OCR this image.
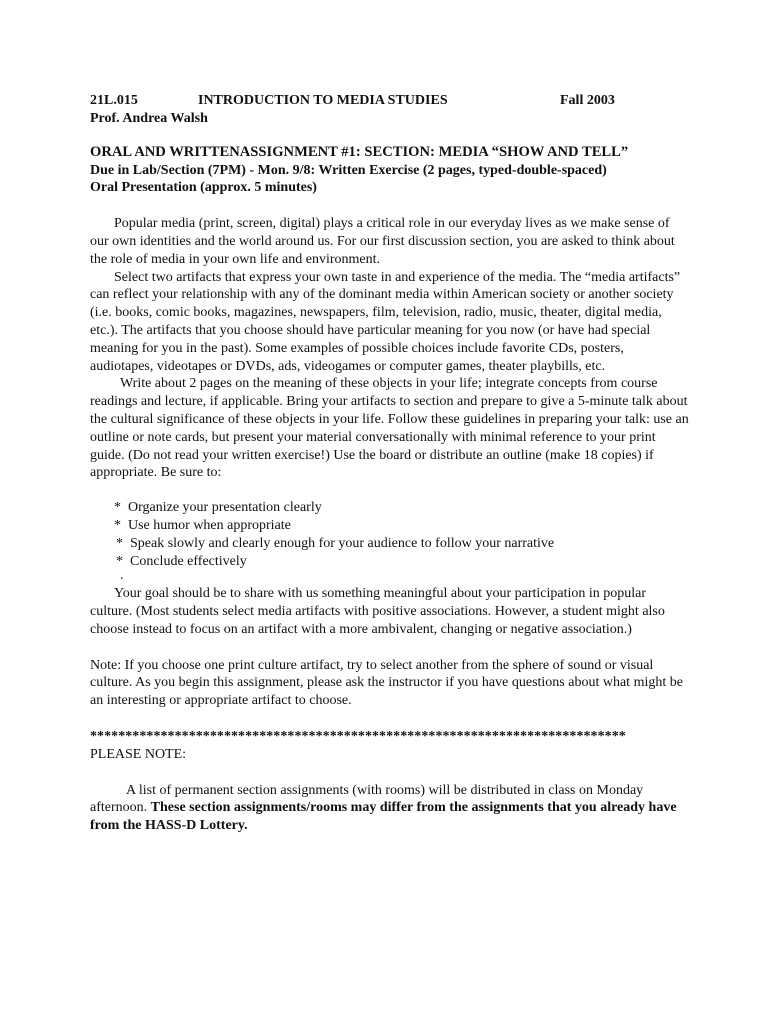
21L.015	INTRODUCTION TO MEDIA STUDIES	Fall 2003
Prof. Andrea Walsh
ORAL AND WRITTENASSIGNMENT #1: SECTION: MEDIA “SHOW AND TELL”
Due in Lab/Section (7PM) - Mon. 9/8: Written Exercise (2 pages, typed-double-spaced)
Oral Presentation (approx. 5 minutes)

Popular media (print, screen, digital) plays a critical role in our everyday lives as we make sense of our own identities and the world around us. For our first discussion section, you are asked to think about the role of media in your own life and environment.

Select two artifacts that express your own taste in and experience of the media. The “media artifacts” can reflect your relationship with any of the dominant media within American society or another society (i.e. books, comic books, magazines, newspapers, film, television, radio, music, theater, digital media, etc.). The artifacts that you choose should have particular meaning for you now (or have had special meaning for you in the past). Some examples of possible choices include favorite CDs, posters, audiotapes, videotapes or DVDs, ads, videogames or computer games, theater playbills, etc.

Write about 2 pages on the meaning of these objects in your life; integrate concepts from course readings and lecture, if applicable. Bring your artifacts to section and prepare to give a 5-minute talk about the cultural significance of these objects in your life. Follow these guidelines in preparing your talk: use an outline or note cards, but present your material conversationally with minimal reference to your print guide. (Do not read your written exercise!) Use the board or distribute an outline (make 18 copies) if appropriate. Be sure to:

* Organize your presentation clearly
* Use humor when appropriate
* Speak slowly and clearly enough for your audience to follow your narrative
* Conclude effectively
.

Your goal should be to share with us something meaningful about your participation in popular culture. (Most students select media artifacts with positive associations. However, a student might also choose instead to focus on an artifact with a more ambivalent, changing or negative association.)

Note: If you choose one print culture artifact, try to select another from the sphere of sound or visual culture. As you begin this assignment, please ask the instructor if you have questions about what might be an interesting or appropriate artifact to choose.

****************************************************************************
PLEASE NOTE:

A list of permanent section assignments (with rooms) will be distributed in class on Monday afternoon. These section assignments/rooms may differ from the assignments that you already have from the HASS-D Lottery.
